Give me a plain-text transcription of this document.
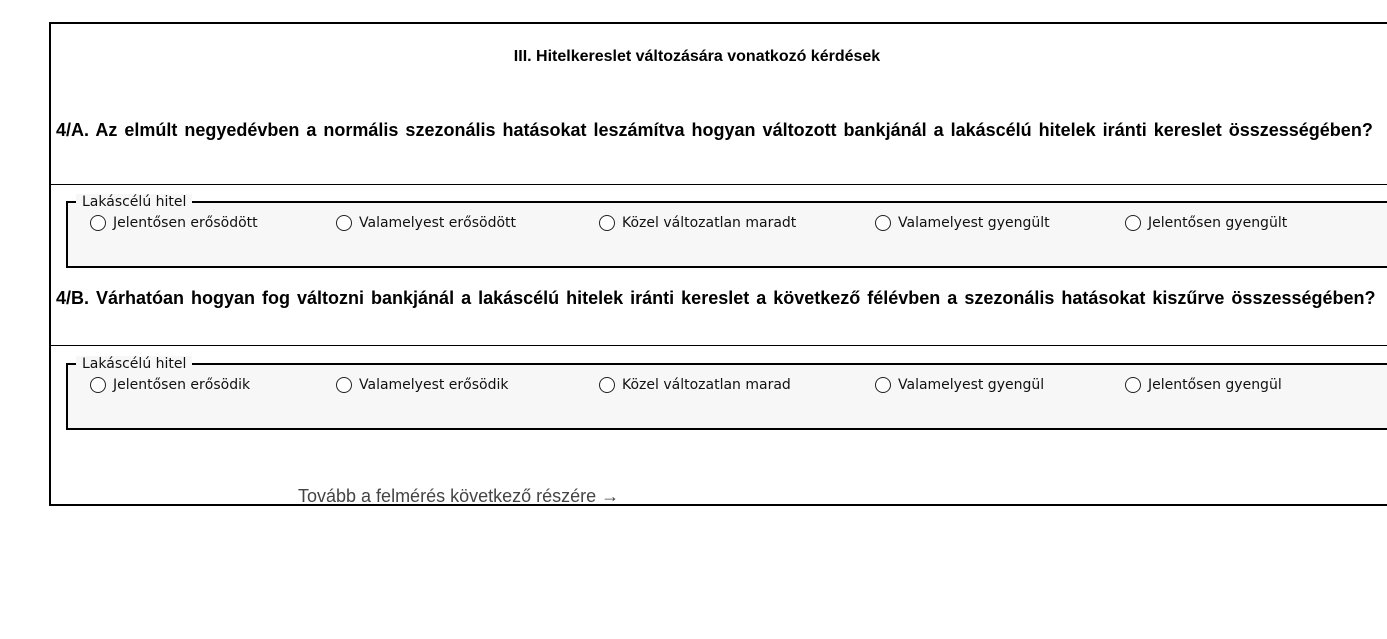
III. Hitelkereslet változására vonatkozó kérdések
4/A. Az elmúlt negyedévben a normális szezonális hatásokat leszámítva hogyan változott bankjánál a lakáscélú hitelek iránti kereslet összességében?
Lakáscélú hitel
Jelentősen erősödött	Valamelyest erősödött	Közel változatlan maradt	Valamelyest gyengült	Jelentősen gyengült
4/B. Várhatóan hogyan fog változni bankjánál a lakáscélú hitelek iránti kereslet a következő félévben a szezonális hatásokat kiszűrve összességében?
Lakáscélú hitel
Jelentősen erősödik	Valamelyest erősödik	Közel változatlan marad	Valamelyest gyengül	Jelentősen gyengül
Tovább a felmérés következő részére →
